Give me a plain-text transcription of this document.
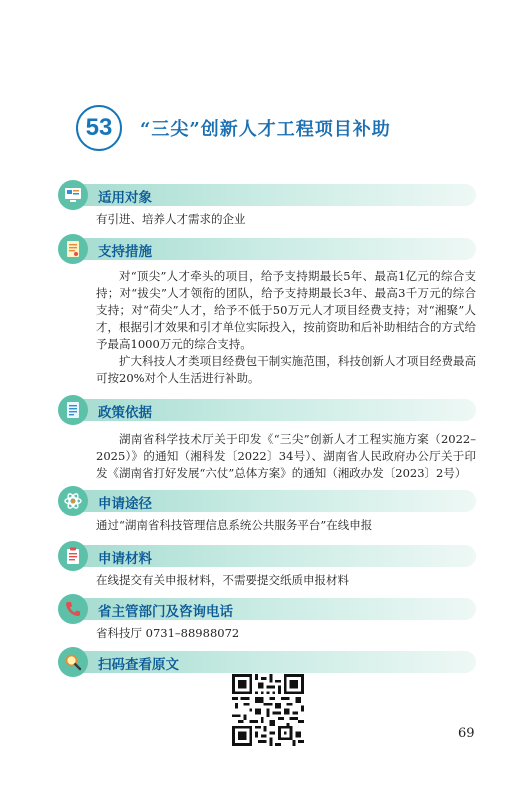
53	“三尖”创新人才工程项目补助
适用对象

有引进、培养人才需求的企业

支持措施

对“顶尖”人才牵头的项目，给予支持期最长5年、最高1亿元的综合支持；对“拔尖”人才领衔的团队，给予支持期最长3年、最高3千万元的综合支持；对“荷尖”人才，给予不低于50万元人才项目经费支持；对“湘聚”人才，根据引才效果和引才单位实际投入，按前资助和后补助相结合的方式给予最高1000万元的综合支持。

扩大科技人才类项目经费包干制实施范围，科技创新人才项目经费最高可按20%对个人生活进行补助。

政策依据

湖南省科学技术厅关于印发《“三尖”创新人才工程实施方案（2022–2025）》的通知（湘科发〔2022〕34号）、湖南省人民政府办公厅关于印发《湖南省打好发展“六仗”总体方案》的通知（湘政办发〔2023〕2号）

申请途径

通过“湖南省科技管理信息系统公共服务平台”在线申报

申请材料

在线提交有关申报材料，不需要提交纸质申报材料

省主管部门及咨询电话

省科技厅 0731–88988072

扫码查看原文
69
